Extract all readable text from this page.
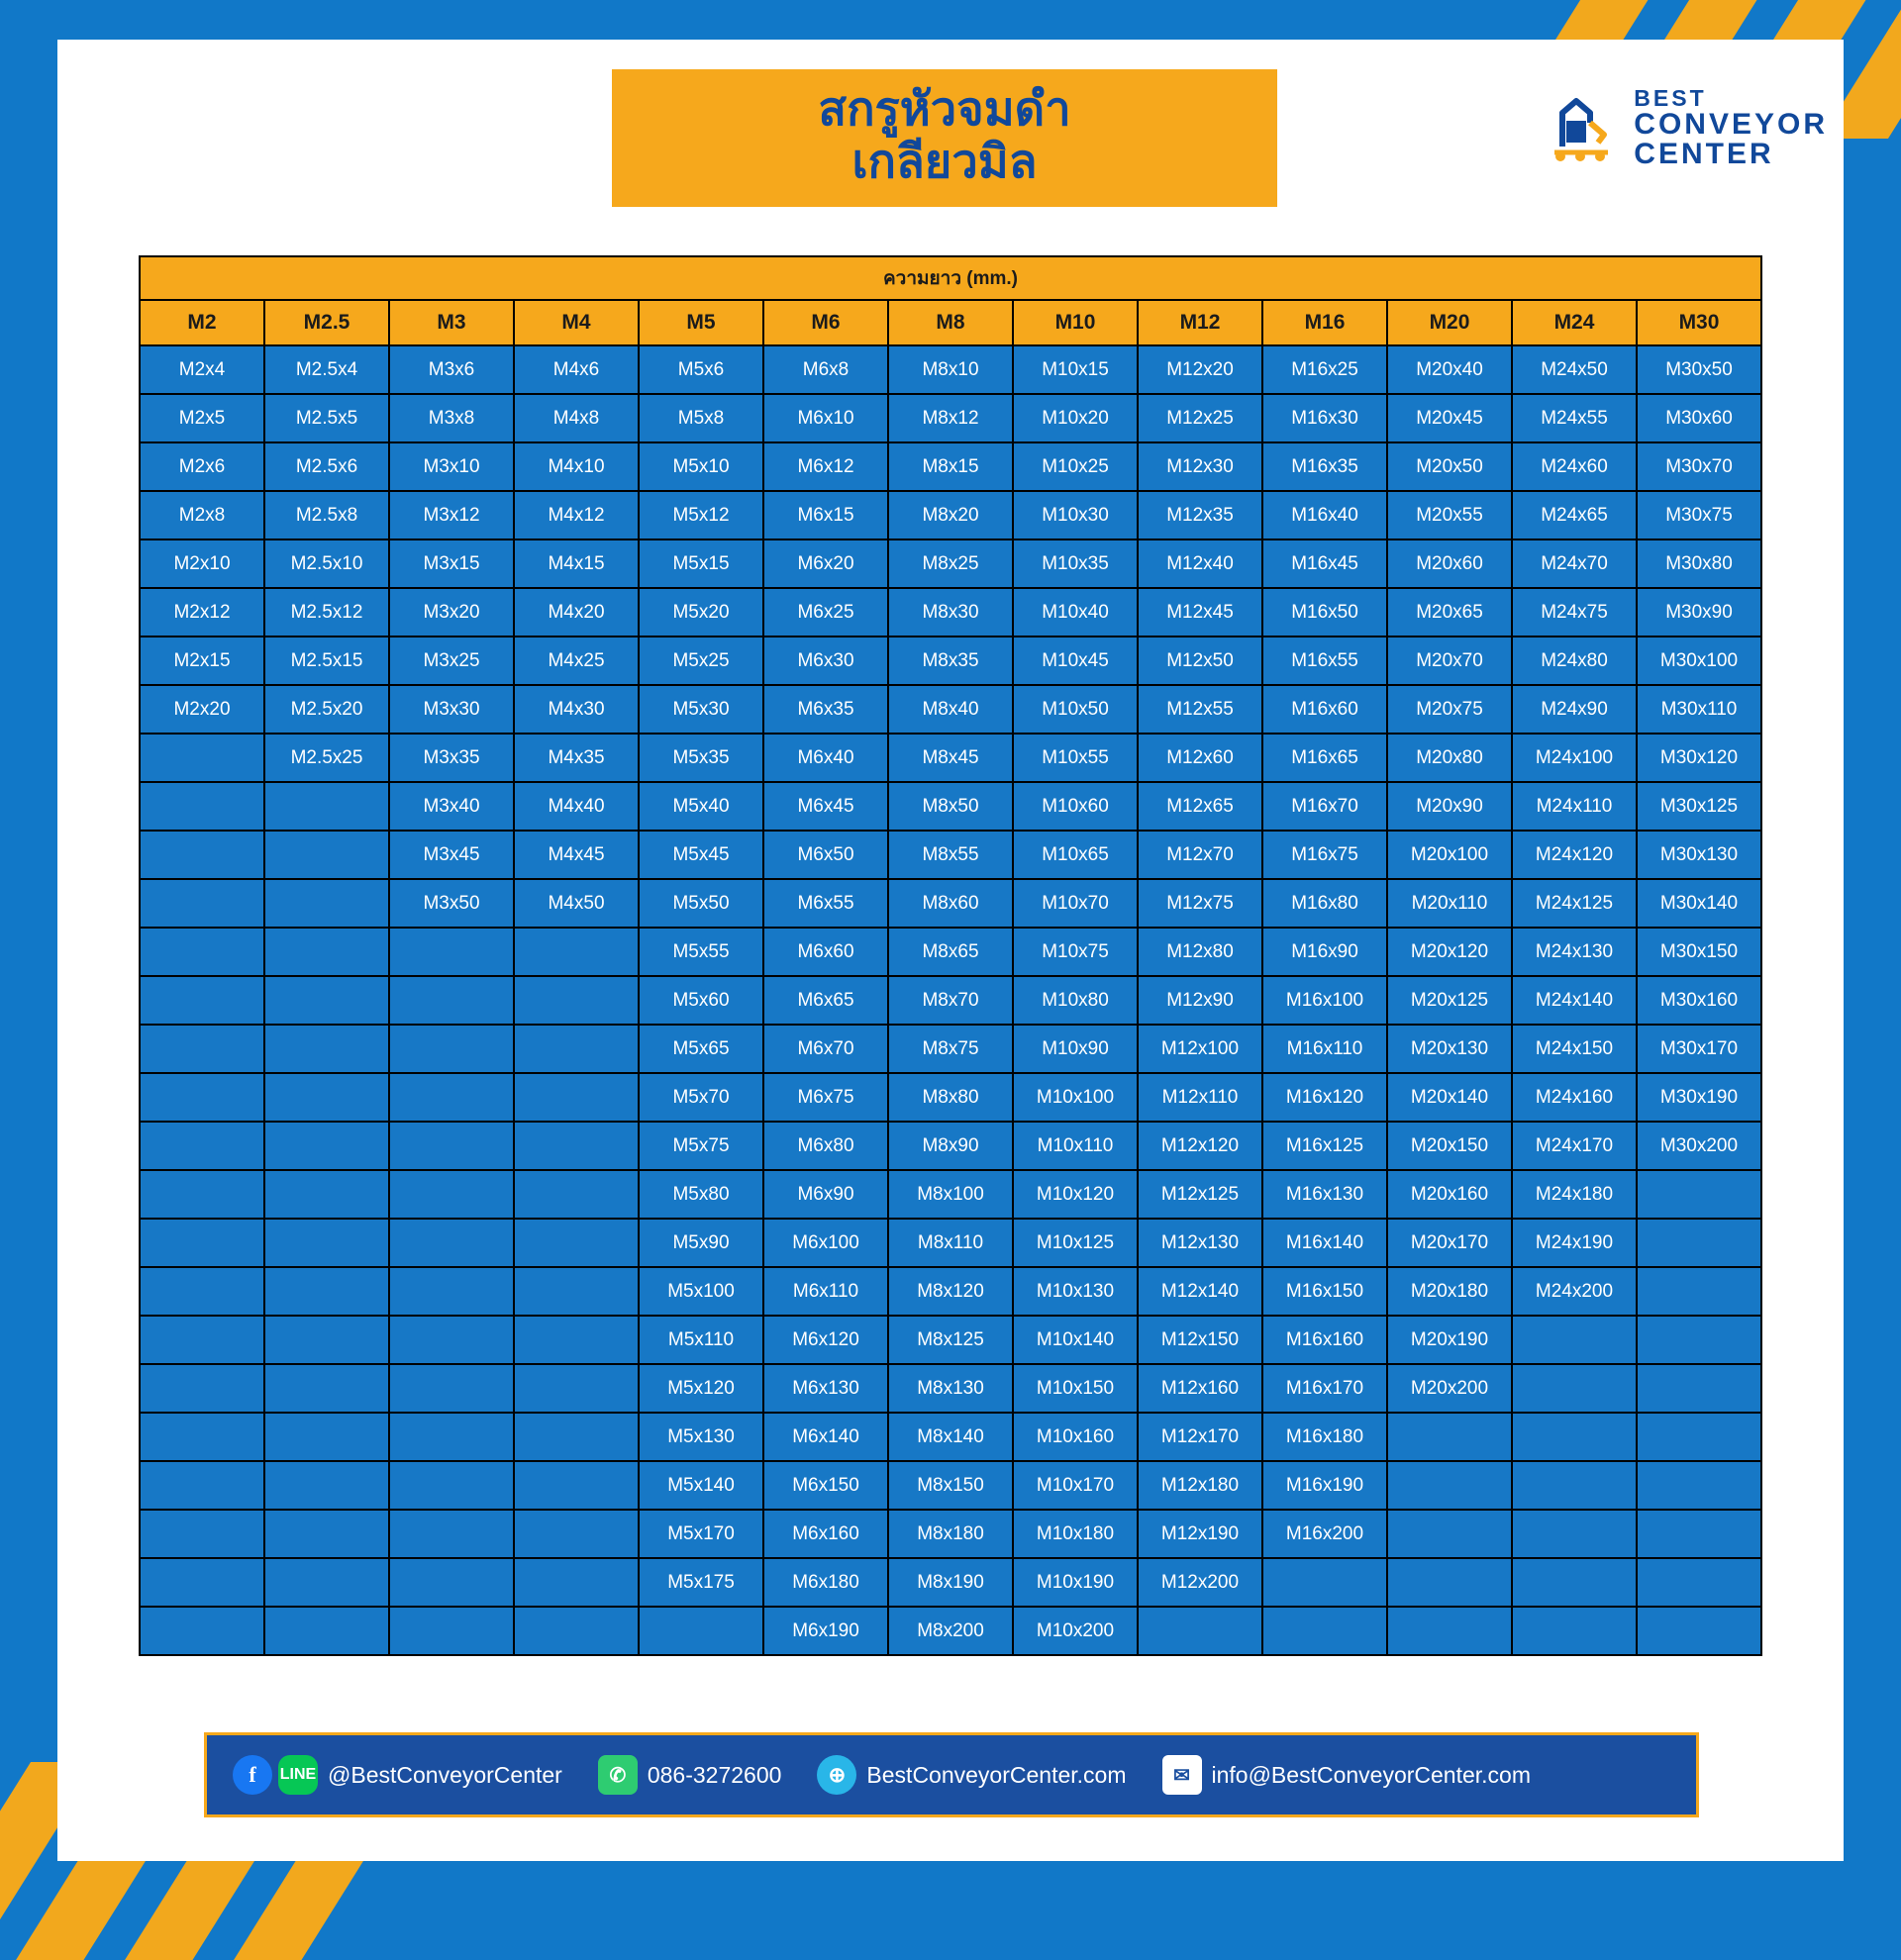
สกรูหัวจมดำ
เกลียวมิล
BEST
CONVEYOR
CENTER
ความยาว (mm.)												
M2	M2.5	M3	M4	M5	M6	M8	M10	M12	M16	M20	M24	M30
M2x4	M2.5x4	M3x6	M4x6	M5x6	M6x8	M8x10	M10x15	M12x20	M16x25	M20x40	M24x50	M30x50
M2x5	M2.5x5	M3x8	M4x8	M5x8	M6x10	M8x12	M10x20	M12x25	M16x30	M20x45	M24x55	M30x60
M2x6	M2.5x6	M3x10	M4x10	M5x10	M6x12	M8x15	M10x25	M12x30	M16x35	M20x50	M24x60	M30x70
M2x8	M2.5x8	M3x12	M4x12	M5x12	M6x15	M8x20	M10x30	M12x35	M16x40	M20x55	M24x65	M30x75
M2x10	M2.5x10	M3x15	M4x15	M5x15	M6x20	M8x25	M10x35	M12x40	M16x45	M20x60	M24x70	M30x80
M2x12	M2.5x12	M3x20	M4x20	M5x20	M6x25	M8x30	M10x40	M12x45	M16x50	M20x65	M24x75	M30x90
M2x15	M2.5x15	M3x25	M4x25	M5x25	M6x30	M8x35	M10x45	M12x50	M16x55	M20x70	M24x80	M30x100
M2x20	M2.5x20	M3x30	M4x30	M5x30	M6x35	M8x40	M10x50	M12x55	M16x60	M20x75	M24x90	M30x110
	M2.5x25	M3x35	M4x35	M5x35	M6x40	M8x45	M10x55	M12x60	M16x65	M20x80	M24x100	M30x120
		M3x40	M4x40	M5x40	M6x45	M8x50	M10x60	M12x65	M16x70	M20x90	M24x110	M30x125
		M3x45	M4x45	M5x45	M6x50	M8x55	M10x65	M12x70	M16x75	M20x100	M24x120	M30x130
		M3x50	M4x50	M5x50	M6x55	M8x60	M10x70	M12x75	M16x80	M20x110	M24x125	M30x140
				M5x55	M6x60	M8x65	M10x75	M12x80	M16x90	M20x120	M24x130	M30x150
				M5x60	M6x65	M8x70	M10x80	M12x90	M16x100	M20x125	M24x140	M30x160
				M5x65	M6x70	M8x75	M10x90	M12x100	M16x110	M20x130	M24x150	M30x170
				M5x70	M6x75	M8x80	M10x100	M12x110	M16x120	M20x140	M24x160	M30x190
				M5x75	M6x80	M8x90	M10x110	M12x120	M16x125	M20x150	M24x170	M30x200
				M5x80	M6x90	M8x100	M10x120	M12x125	M16x130	M20x160	M24x180	
				M5x90	M6x100	M8x110	M10x125	M12x130	M16x140	M20x170	M24x190	
				M5x100	M6x110	M8x120	M10x130	M12x140	M16x150	M20x180	M24x200	
				M5x110	M6x120	M8x125	M10x140	M12x150	M16x160	M20x190		
				M5x120	M6x130	M8x130	M10x150	M12x160	M16x170	M20x200		
				M5x130	M6x140	M8x140	M10x160	M12x170	M16x180			
				M5x140	M6x150	M8x150	M10x170	M12x180	M16x190			
				M5x170	M6x160	M8x180	M10x180	M12x190	M16x200			
				M5x175	M6x180	M8x190	M10x190	M12x200				
					M6x190	M8x200	M10x200					
f	LINE @BestConveyorCenter	✆ 086-3272600	⊕ BestConveyorCenter.com	✉ info@BestConveyorCenter.com
